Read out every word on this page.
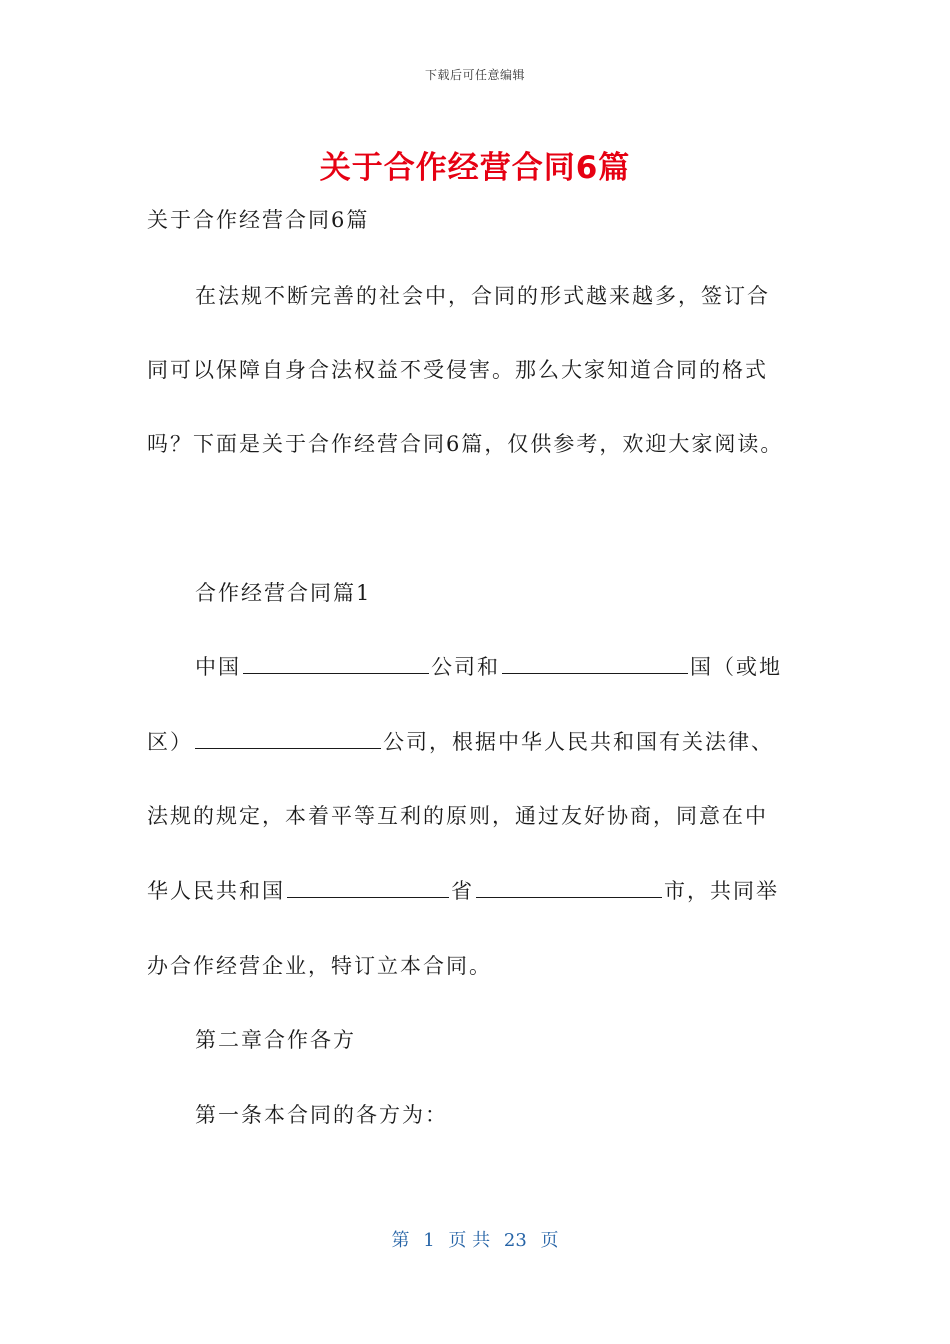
下载后可任意编辑
关于合作经营合同6篇
关于合作经营合同6篇
在法规不断完善的社会中，合同的形式越来越多，签订合
同可以保障自身合法权益不受侵害。那么大家知道合同的格式
吗？下面是关于合作经营合同6篇，仅供参考，欢迎大家阅读。
合作经营合同篇1
中国	公司和	国（或地
区）	公司，根据中华人民共和国有关法律、
法规的规定，本着平等互利的原则，通过友好协商，同意在中
华人民共和国	省	市，共同举
办合作经营企业，特订立本合同。
第二章合作各方
第一条本合同的各方为：
第 1 页 共 23 页
